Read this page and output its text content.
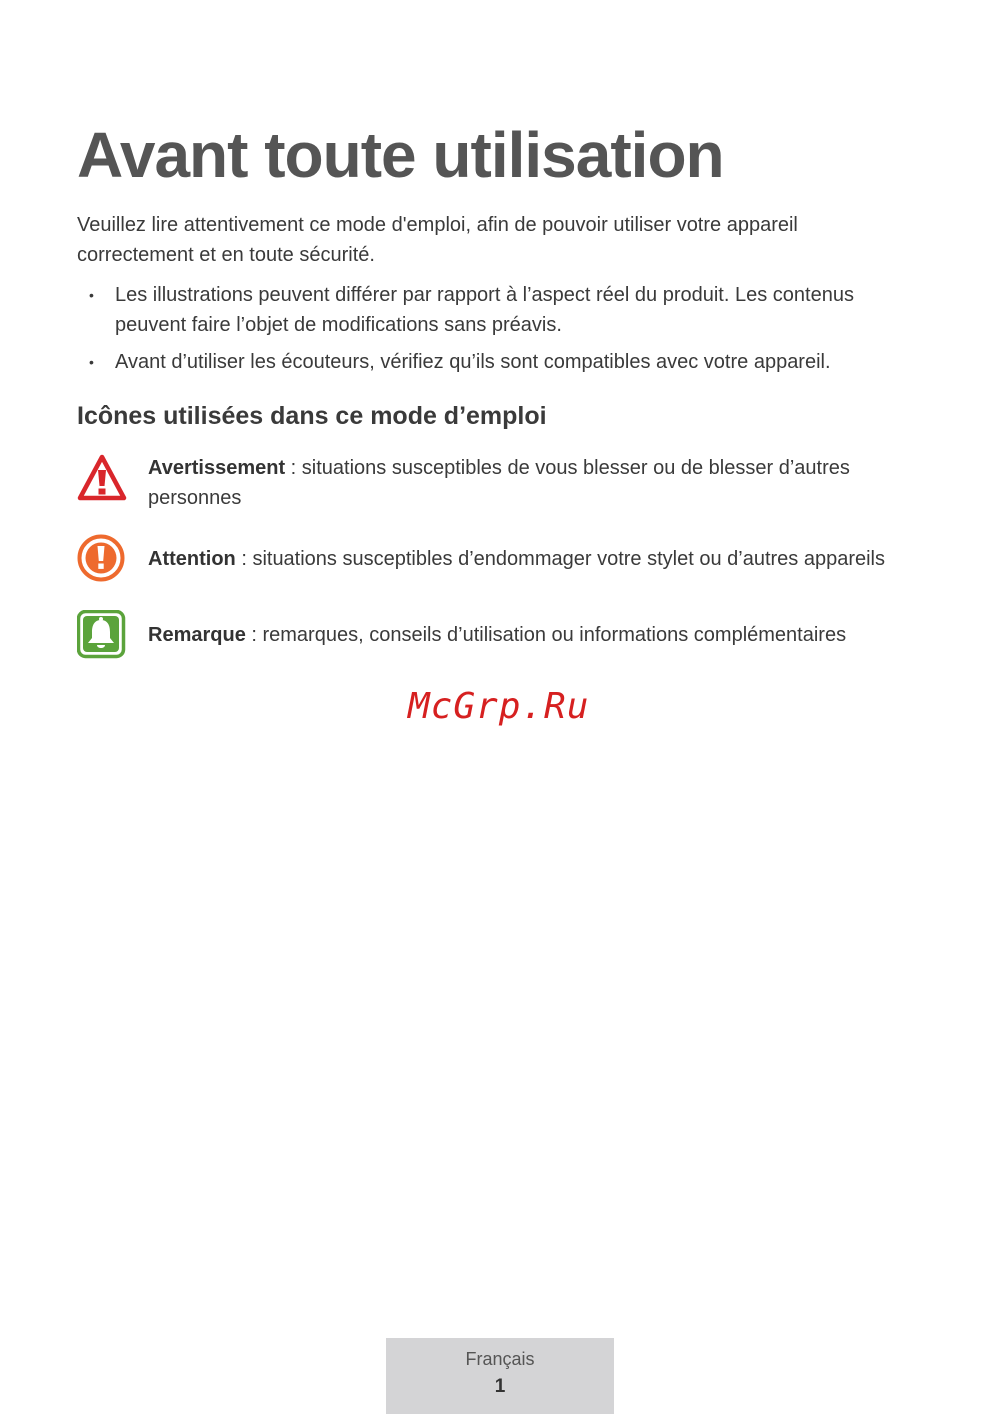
Avant toute utilisation

Veuillez lire attentivement ce mode d'emploi, afin de pouvoir utiliser votre appareil correctement et en toute sécurité.

• Les illustrations peuvent différer par rapport à l’aspect réel du produit. Les contenus peuvent faire l’objet de modifications sans préavis.
• Avant d’utiliser les écouteurs, vérifiez qu’ils sont compatibles avec votre appareil.
Icônes utilisées dans ce mode d’emploi
Avertissement : situations susceptibles de vous blesser ou de blesser d’autres personnes
Attention : situations susceptibles d’endommager votre stylet ou d’autres appareils
Remarque : remarques, conseils d’utilisation ou informations complémentaires
McGrp.Ru
Français
1
